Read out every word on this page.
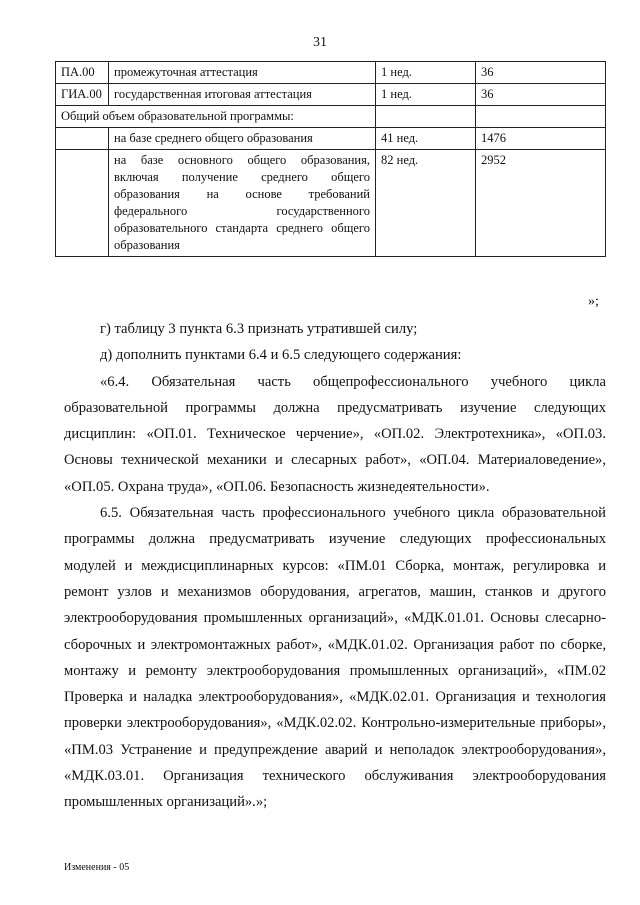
31
ПА.00	промежуточная аттестация	1 нед.	36
ГИА.00	государственная итоговая аттестация	1 нед.	36
Общий объем образовательной программы:			
	на базе среднего общего образования	41 нед.	1476
	на базе основного общего образования, включая получение среднего общего образования на основе требований федерального государственного образовательного стандарта среднего общего образования	82 нед.	2952
»;

г) таблицу 3 пункта 6.3 признать утратившей силу;

д) дополнить пунктами 6.4 и 6.5 следующего содержания:

«6.4. Обязательная часть общепрофессионального учебного цикла образовательной программы должна предусматривать изучение следующих дисциплин: «ОП.01. Техническое черчение», «ОП.02. Электротехника», «ОП.03. Основы технической механики и слесарных работ», «ОП.04. Материаловедение», «ОП.05. Охрана труда», «ОП.06. Безопасность жизнедеятельности».

6.5. Обязательная часть профессионального учебного цикла образовательной программы должна предусматривать изучение следующих профессиональных модулей и междисциплинарных курсов: «ПМ.01 Сборка, монтаж, регулировка и ремонт узлов и механизмов оборудования, агрегатов, машин, станков и другого электрооборудования промышленных организаций», «МДК.01.01. Основы слесарно-сборочных и электромонтажных работ», «МДК.01.02. Организация работ по сборке, монтажу и ремонту электрооборудования промышленных организаций», «ПМ.02 Проверка и наладка электрооборудования», «МДК.02.01. Организация и технология проверки электрооборудования», «МДК.02.02. Контрольно-измерительные приборы», «ПМ.03 Устранение и предупреждение аварий и неполадок электрооборудования», «МДК.03.01. Организация технического обслуживания электрооборудования промышленных организаций».»;

Изменения - 05
